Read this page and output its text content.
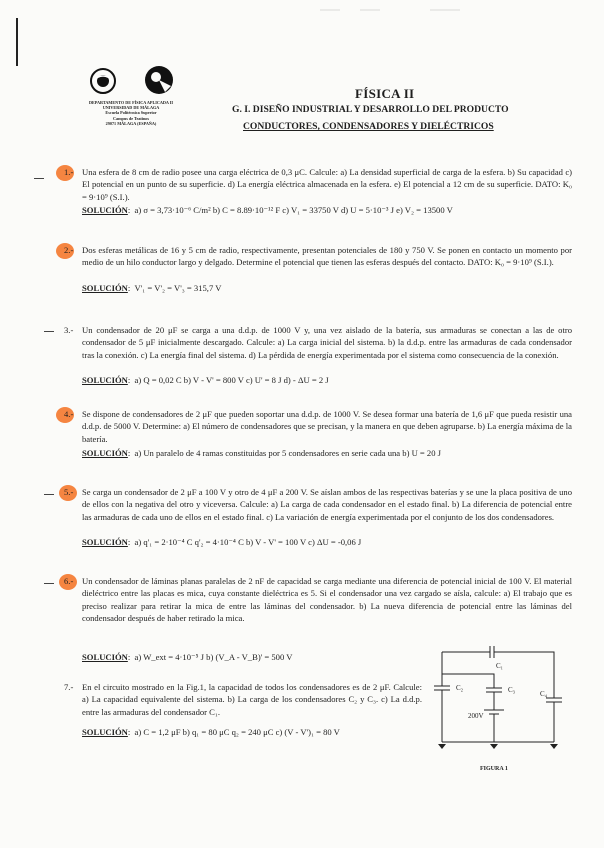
DEPARTAMENTO DE FÍSICA APLICADA II
UNIVERSIDAD DE MÁLAGA
Escuela Politécnica Superior
Campus de Teatinos
29071 MÁLAGA (ESPAÑA)
FÍSICA II
G. I. DISEÑO INDUSTRIAL Y DESARROLLO DEL PRODUCTO
CONDUCTORES, CONDENSADORES Y DIELÉCTRICOS
1.- Una esfera de 8 cm de radio posee una carga eléctrica de 0,3 μC. Calcule: a) La densidad superficial de carga de la esfera. b) Su capacidad c) El potencial en un punto de su superficie. d) La energía eléctrica almacenada en la esfera. e) El potencial a 12 cm de su superficie. DATO: K₀ = 9·10⁹ (S.I.).
SOLUCIÓN:  a) σ = 3,73·10⁻⁶ C/m² b) C = 8.89·10⁻¹² F c) V₁ = 33750 V d) U = 5·10⁻³ J e) V₂ = 13500 V
2.- Dos esferas metálicas de 16 y 5 cm de radio, respectivamente, presentan potenciales de 180 y 750 V. Se ponen en contacto un momento por medio de un hilo conductor largo y delgado. Determine el potencial que tienen las esferas después del contacto. DATO: K₀ = 9·10⁹ (S.I.).
SOLUCIÓN:  V'₁ = V'₂ = V'₃ = 315,7 V
3.- Un condensador de 20 μF se carga a una d.d.p. de 1000 V y, una vez aislado de la batería, sus armaduras se conectan a las de otro condensador de 5 μF inicialmente descargado. Calcule: a) La carga inicial del sistema. b) la d.d.p. entre las armaduras de cada condensador tras la conexión. c) La energía final del sistema. d) La pérdida de energía experimentada por el sistema como consecuencia de la conexión.
SOLUCIÓN:  a) Q = 0,02 C b) V - V' = 800 V c) U' = 8 J d) - ΔU = 2 J
4.- Se dispone de condensadores de 2 μF que pueden soportar una d.d.p. de 1000 V. Se desea formar una batería de 1,6 μF que pueda resistir una d.d.p. de 5000 V. Determine: a) El número de condensadores que se precisan, y la manera en que deben agruparse. b) La energía máxima de la batería.
SOLUCIÓN:  a) Un paralelo de 4 ramas constituidas por 5 condensadores en serie cada una b) U = 20 J
5.- Se carga un condensador de 2 μF a 100 V y otro de 4 μF a 200 V. Se aíslan ambos de las respectivas baterías y se une la placa positiva de uno de ellos con la negativa del otro y viceversa. Calcule: a) La carga de cada condensador en el estado final. b) La diferencia de potencial entre las armaduras de cada uno de ellos en el estado final. c) La variación de energía experimentada por el conjunto de los dos condensadores.
SOLUCIÓN:  a) q'₁ = 2·10⁻⁴ C q'₂ = 4·10⁻⁴ C b) V - V' = 100 V c) ΔU = -0,06 J
6.- Un condensador de láminas planas paralelas de 2 nF de capacidad se carga mediante una diferencia de potencial inicial de 100 V. El material dieléctrico entre las placas es mica, cuya constante dieléctrica es 5. Si el condensador una vez cargado se aísla, calcule: a) El trabajo que es preciso realizar para retirar la mica de entre las láminas del condensador. b) La nueva diferencia de potencial entre las láminas del condensador después de haber retirado la mica.
SOLUCIÓN:  a) W_ext = 4·10⁻⁵ J b) (V_A - V_B)' = 500 V
7.- En el circuito mostrado en la Fig.1, la capacidad de todos los condensadores es de 2 μF. Calcule: a) La capacidad equivalente del sistema. b) La carga de los condensadores C₂ y C₃. c) La d.d.p. entre las armaduras del condensador C₁.
SOLUCIÓN:  a) C = 1,2 μF b) q₁ = 80 μC q₂ = 240 μC c) (V - V')₁ = 80 V
C₁
C₂	C₃	C₄
200V
FIGURA 1
